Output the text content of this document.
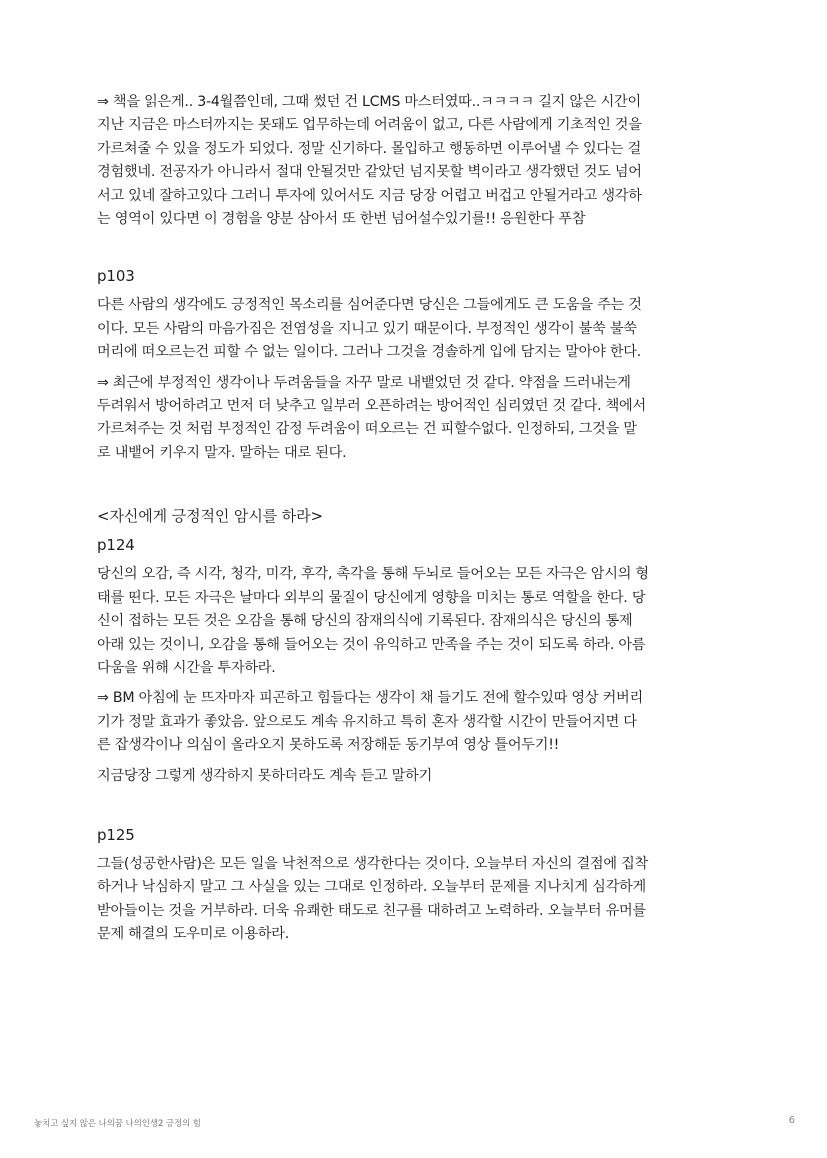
⇒ 책을 읽은게.. 3-4월쯤인데, 그때 썼던 건 LCMS 마스터였따..ㅋㅋㅋㅋ 길지 않은 시간이
지난 지금은 마스터까지는 못돼도 업무하는데 어려움이 없고, 다른 사람에게 기초적인 것을
가르쳐줄 수 있을 정도가 되었다. 정말 신기하다. 몰입하고 행동하면 이루어낼 수 있다는 걸
경험했네. 전공자가 아니라서 절대 안될것만 같았던 넘지못할 벽이라고 생각했던 것도 넘어
서고 있네 잘하고있다 그러니 투자에 있어서도 지금 당장 어렵고 버겁고 안될거라고 생각하
는 영역이 있다면 이 경험을 양분 삼아서 또 한번 넘어설수있기를!! 응원한다 푸참

p103

다른 사람의 생각에도 긍정적인 목소리를 심어준다면 당신은 그들에게도 큰 도움을 주는 것
이다. 모든 사람의 마음가짐은 전염성을 지니고 있기 때문이다. 부정적인 생각이 불쑥 불쑥
머리에 떠오르는건 피할 수 없는 일이다. 그러나 그것을 경솔하게 입에 담지는 말아야 한다.

⇒ 최근에 부정적인 생각이나 두려움들을 자꾸 말로 내뱉었던 것 같다. 약점을 드러내는게
두려워서 방어하려고 먼저 더 낮추고 일부러 오픈하려는 방어적인 심리였던 것 같다. 책에서
가르쳐주는 것 처럼 부정적인 감정 두려움이 떠오르는 건 피할수없다. 인정하되, 그것을 말
로 내뱉어 키우지 말자. 말하는 대로 된다.

<자신에게 긍정적인 암시를 하라>
p124

당신의 오감, 즉 시각, 청각, 미각, 후각, 촉각을 통해 두뇌로 들어오는 모든 자극은 암시의 형
태를 띤다. 모든 자극은 날마다 외부의 물질이 당신에게 영향을 미치는 통로 역할을 한다. 당
신이 접하는 모든 것은 오감을 통해 당신의 잠재의식에 기록된다. 잠재의식은 당신의 통제
아래 있는 것이니, 오감을 통해 들어오는 것이 유익하고 만족을 주는 것이 되도록 하라. 아름
다움을 위해 시간을 투자하라.

⇒ BM 아침에 눈 뜨자마자 피곤하고 힘들다는 생각이 채 들기도 전에 할수있따 영상 커버리
기가 정말 효과가 좋았음. 앞으로도 계속 유지하고 특히 혼자 생각할 시간이 만들어지면 다
른 잡생각이나 의심이 올라오지 못하도록 저장해둔 동기부여 영상 틀어두기!!

지금당장 그렇게 생각하지 못하더라도 계속 듣고 말하기

p125

그들(성공한사람)은 모든 일을 낙천적으로 생각한다는 것이다. 오늘부터 자신의 결점에 집착
하거나 낙심하지 말고 그 사실을 있는 그대로 인정하라. 오늘부터 문제를 지나치게 심각하게
받아들이는 것을 거부하라. 더욱 유쾌한 태도로 친구를 대하려고 노력하라. 오늘부터 유머를
문제 해결의 도우미로 이용하라.

놓치고 싶지 않은 나의꿈 나의인생2 긍정의 힘	6
